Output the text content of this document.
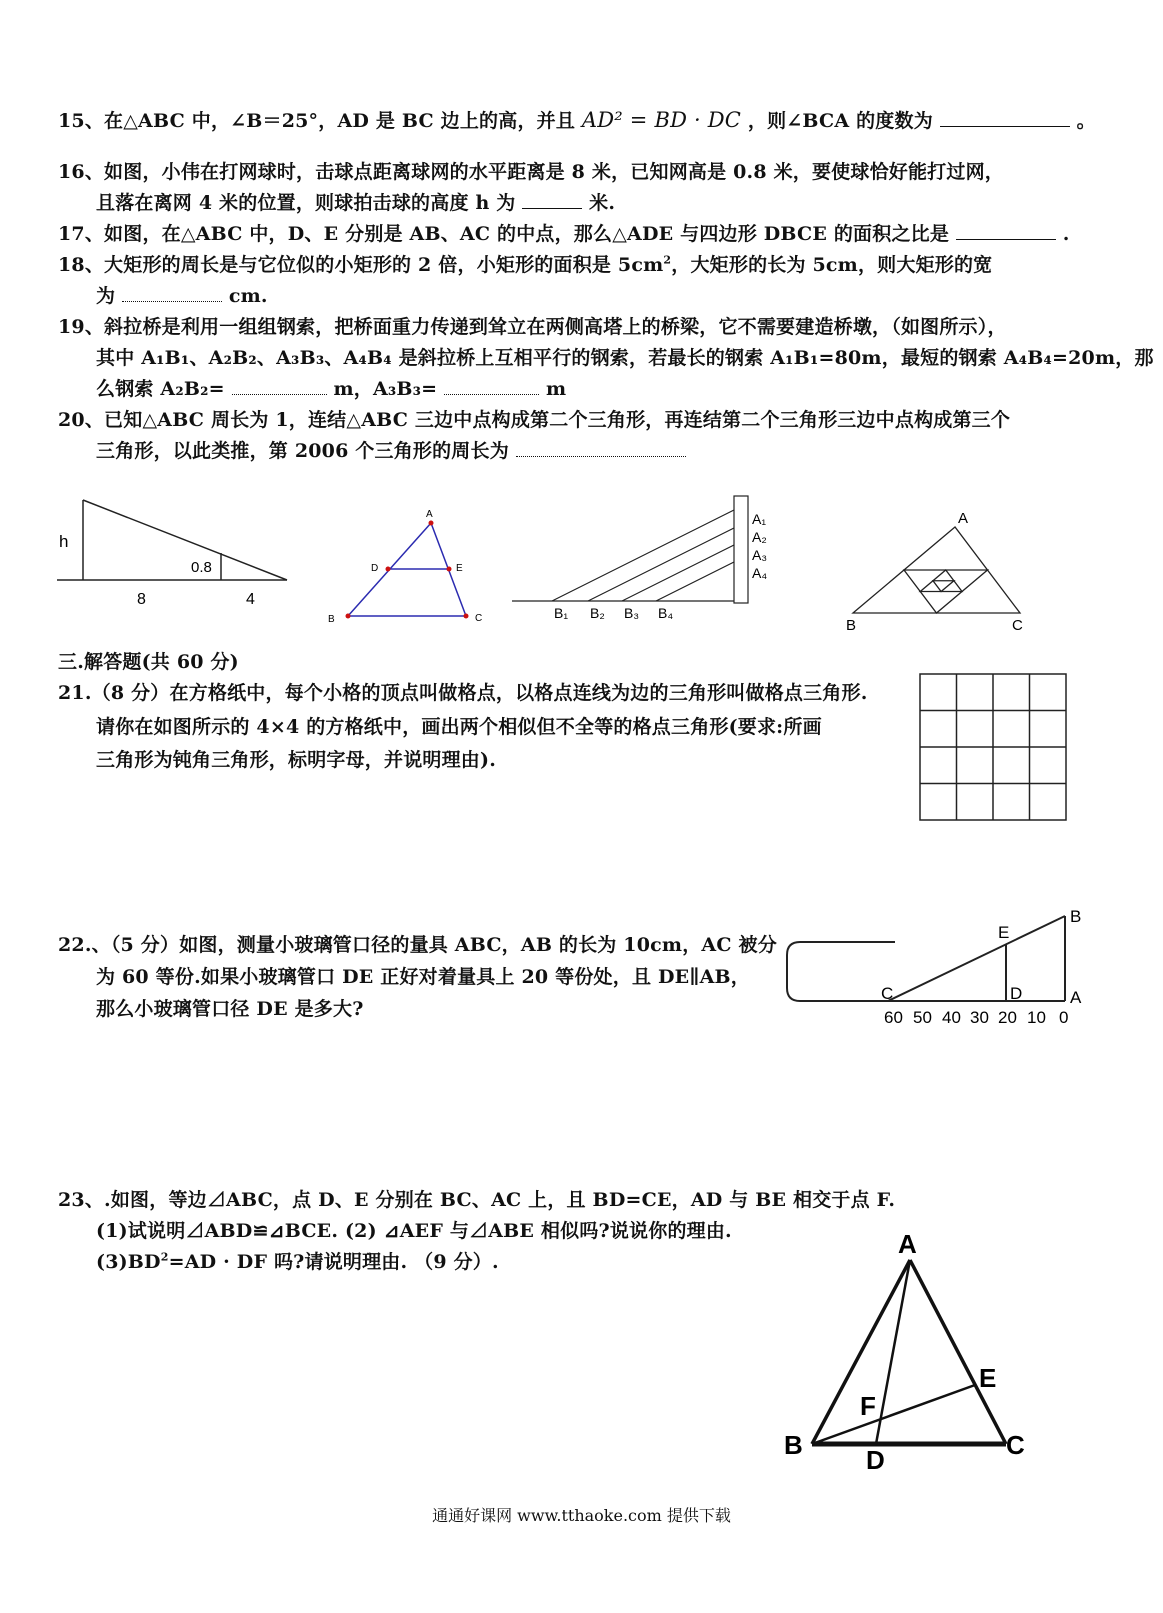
15、在△ABC 中，∠B＝25°，AD 是 BC 边上的高，并且 AD² = BD · DC ，则∠BCA 的度数为	。
16、如图，小伟在打网球时，击球点距离球网的水平距离是 8 米，已知网高是 0.8 米，要使球恰好能打过网，
且落在离网 4 米的位置，则球拍击球的高度 h 为	米.
17、如图，在△ABC 中，D、E 分别是 AB、AC 的中点，那么△ADE 与四边形 DBCE 的面积之比是	.
18、大矩形的周长是与它位似的小矩形的 2 倍，小矩形的面积是 $5cm^2$，大矩形的长为 5cm，则大矩形的宽
为	cm.
19、斜拉桥是利用一组组钢索，把桥面重力传递到耸立在两侧高塔上的桥梁，它不需要建造桥墩，（如图所示），
其中 A₁B₁、A₂B₂、A₃B₃、A₄B₄ 是斜拉桥上互相平行的钢索，若最长的钢索 A₁B₁=80m，最短的钢索 A₄B₄=20m，那
么钢索 A₂B₂=	m，A₃B₃=	m
20、已知△ABC 周长为 1，连结△ABC 三边中点构成第二个三角形，再连结第二个三角形三边中点构成第三个
三角形，以此类推，第 2006 个三角形的周长为
h
0.8
8	4
A
B	C
D	E
A₁
A₂
A₃
A₄
B₁ B₂ B₃ B₄
A
B	C
三.解答题(共 60 分)
21.（8 分）在方格纸中，每个小格的顶点叫做格点，以格点连线为边的三角形叫做格点三角形.
请你在如图所示的 4×4 的方格纸中，画出两个相似但不全等的格点三角形(要求:所画
三角形为钝角三角形，标明字母，并说明理由).
22.、（5 分）如图，测量小玻璃管口径的量具 ABC，AB 的长为 10cm，AC 被分
为 60 等份.如果小玻璃管口 DE 正好对着量具上 20 等份处，且 DE∥AB，
那么小玻璃管口径 DE 是多大?
B
E
C	D	A
60 50 40 30 20 10 0
23、.如图，等边⊿ABC，点 D、E 分别在 BC、AC 上，且 BD=CE，AD 与 BE 相交于点 F.
(1)试说明⊿ABD≌⊿BCE. (2) ⊿AEF 与⊿ABE 相似吗?说说你的理由.
$(3)BD^2=AD$ · DF 吗?请说明理由. （9 分）.
A
B	C
D
E
F
通通好课网 www.tthaoke.com 提供下载
